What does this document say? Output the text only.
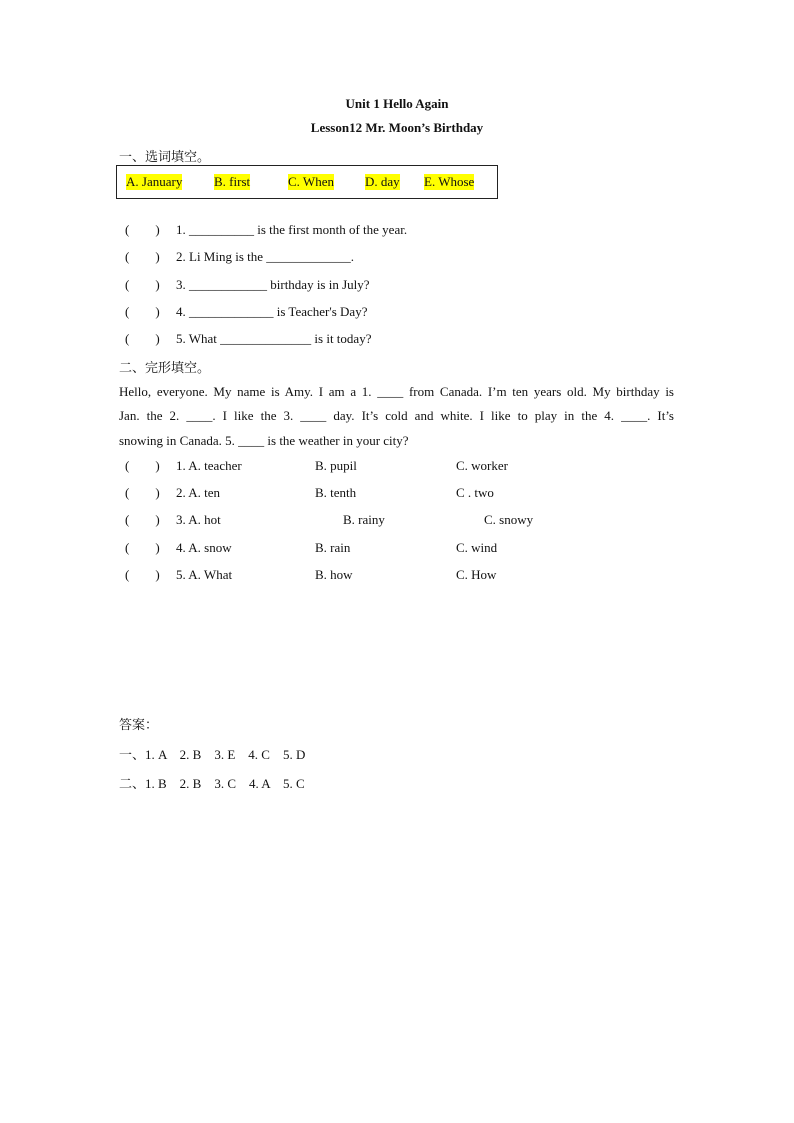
Unit 1 Hello Again
Lesson12 Mr. Moon’s Birthday
一、选词填空。
A. January B. first	C. When D. day E. Whose
(        ) 1. __________ is the first month of the year.
(        ) 2. Li Ming is the _____________.
(        ) 3. ____________ birthday is in July?
(        ) 4. _____________ is Teacher's Day?
(        ) 5. What ______________ is it today?
二、完形填空。
Hello, everyone. My name is Amy. I am a 1. ____ from Canada. I’m ten years old. My birthday is
Jan. the 2. ____. I like the 3. ____ day. It’s cold and white. I like to play in the 4. ____. It’s
snowing in Canada. 5. ____ is the weather in your city?
(        ) 1. A. teacher	B. pupil	C. worker
(        ) 2. A. ten	B. tenth	C . two
(        ) 3. A. hot	B. rainy	C. snowy
(        ) 4. A. snow	B. rain	C. wind
(        ) 5. A. What	B. how	C. How
答案：
一、1. A    2. B    3. E    4. C    5. D
二、1. B    2. B    3. C    4. A    5. C
